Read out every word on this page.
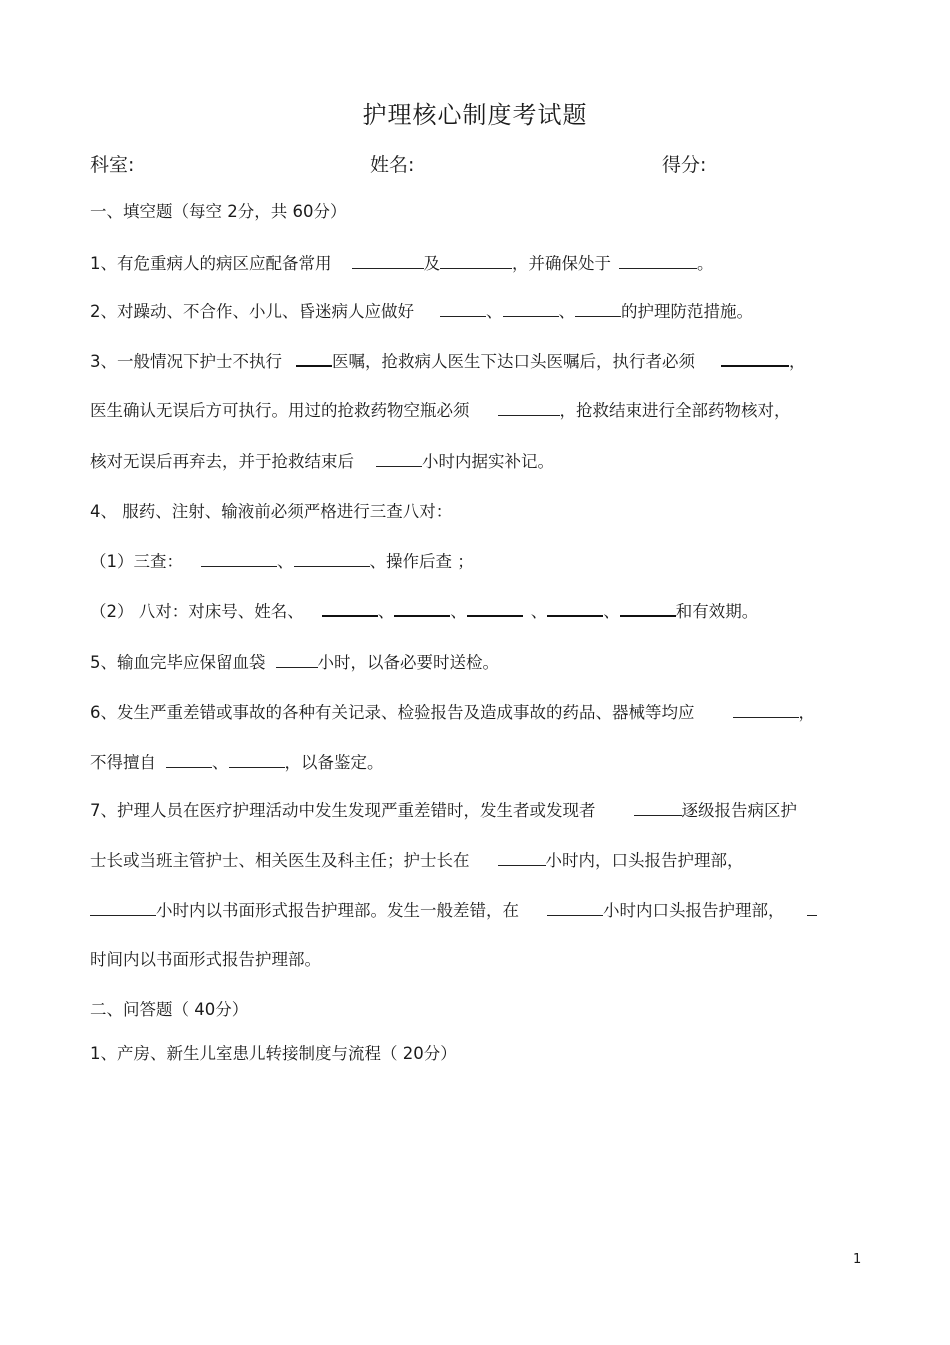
护理核心制度考试题
科室:	姓名:	得分:
一、填空题（每空 2分，共 60分）
1、有危重病人的病区应配备常用	及	，并确保处于	。
2、对躁动、不合作、小儿、昏迷病人应做好	、	、	的护理防范措施。
3、一般情况下护士不执行	医嘱，抢救病人医生下达口头医嘱后，执行者必须	，
医生确认无误后方可执行。用过的抢救药物空瓶必须	，抢救结束进行全部药物核对，
核对无误后再弃去，并于抢救结束后	小时内据实补记。
4、 服药、注射、输液前必须严格进行三查八对：
（1）三查：	、	、操作后查 ；
（2） 八对：对床号、姓名、	、	、	、	、	和有效期。
5、输血完毕应保留血袋	小时，以备必要时送检。
6、发生严重差错或事故的各种有关记录、检验报告及造成事故的药品、器械等均应	，
不得擅自	、	，以备鉴定。
7、护理人员在医疗护理活动中发生发现严重差错时，发生者或发现者	逐级报告病区护
士长或当班主管护士、相关医生及科主任；护士长在	小时内，口头报告护理部，
小时内以书面形式报告护理部。发生一般差错，在	小时内口头报告护理部，
时间内以书面形式报告护理部。
二、问答题（ 40分）
1、产房、新生儿室患儿转接制度与流程（ 20分）
1
